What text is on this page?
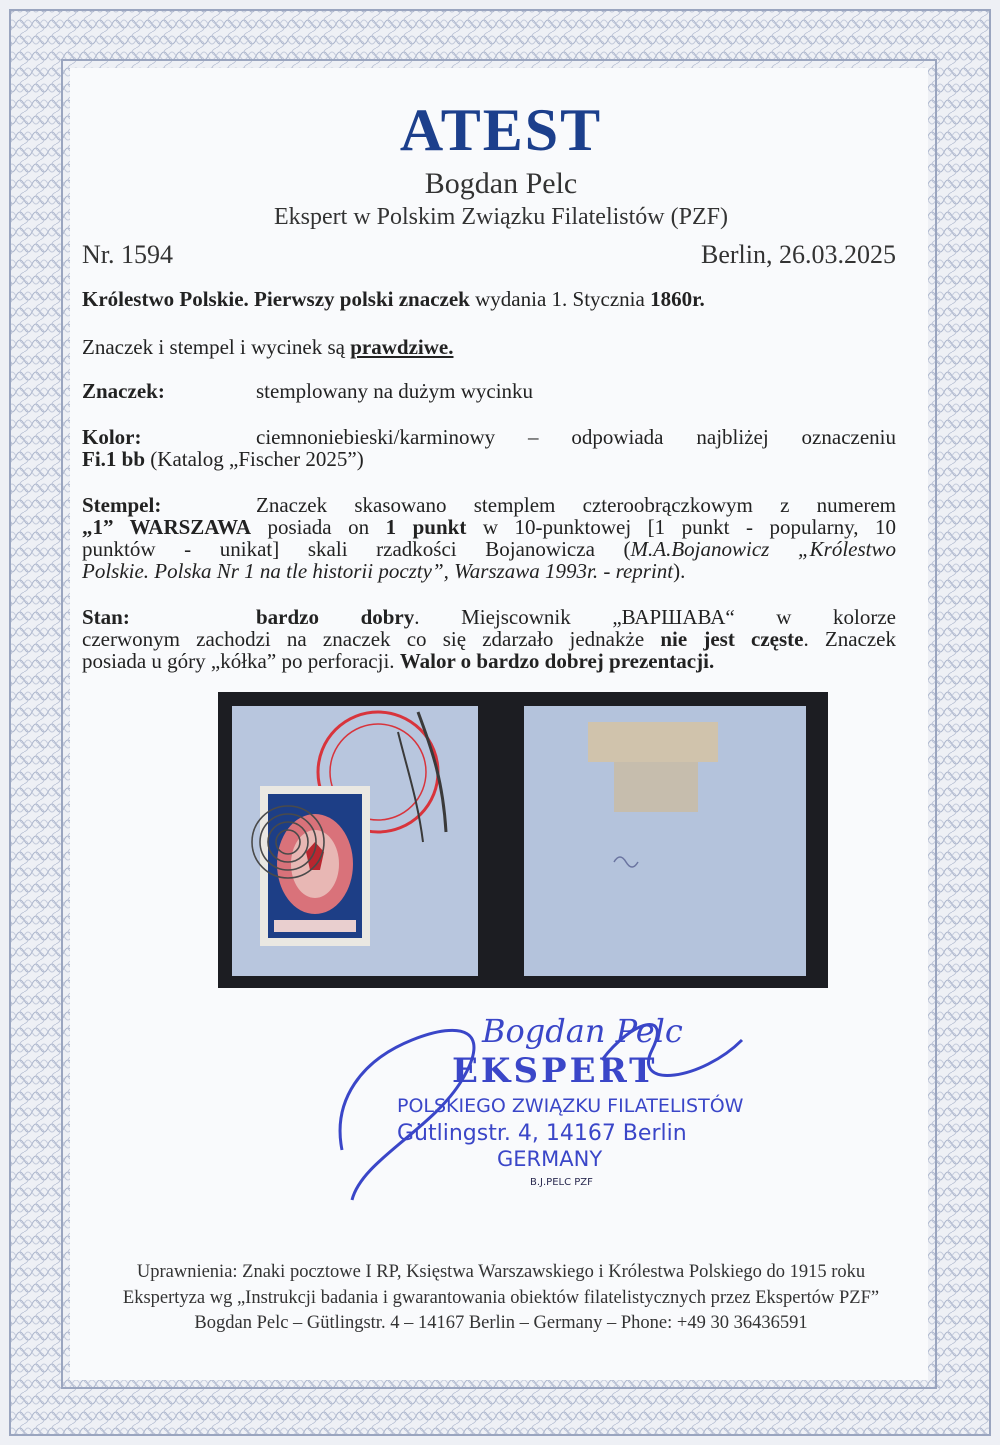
ATEST
Bogdan Pelc
Ekspert w Polskim Związku Filatelistów (PZF)
Nr. 1594	Berlin, 26.03.2025
Królestwo Polskie. Pierwszy polski znaczek wydania 1. Stycznia 1860r.
Znaczek i stempel i wycinek są prawdziwe.
Znaczek:	stemplowany na dużym wycinku
Kolor:	ciemnoniebieski/karminowy – odpowiada najbliżej oznaczeniu
Fi.1 bb (Katalog „Fischer 2025”)
Stempel:	Znaczek skasowano stemplem czteroobrączkowym z numerem
„1” WARSZAWA posiada on 1 punkt w 10-punktowej [1 punkt - popularny, 10
punktów - unikat] skali rzadkości Bojanowicza (M.A.Bojanowicz „Królestwo
Polskie. Polska Nr 1 na tle historii poczty”, Warszawa 1993r. - reprint).
Stan:	bardzo dobry. Miejscownik „ВАРШАВА“ w kolorze
czerwonym zachodzi na znaczek co się zdarzało jednakże nie jest częste. Znaczek
posiada u góry „kółka” po perforacji. Walor o bardzo dobrej prezentacji.
Bogdan Pelc
EKSPERT
POLSKIEGO ZWIĄZKU FILATELISTÓW
Gütlingstr. 4, 14167 Berlin
GERMANY
B.J.PELC PZF
Uprawnienia: Znaki pocztowe I RP, Księstwa Warszawskiego i Królestwa Polskiego do 1915 roku
Ekspertyza wg „Instrukcji badania i gwarantowania obiektów filatelistycznych przez Ekspertów PZF”
Bogdan Pelc – Gütlingstr. 4 – 14167 Berlin – Germany – Phone: +49 30 36436591
